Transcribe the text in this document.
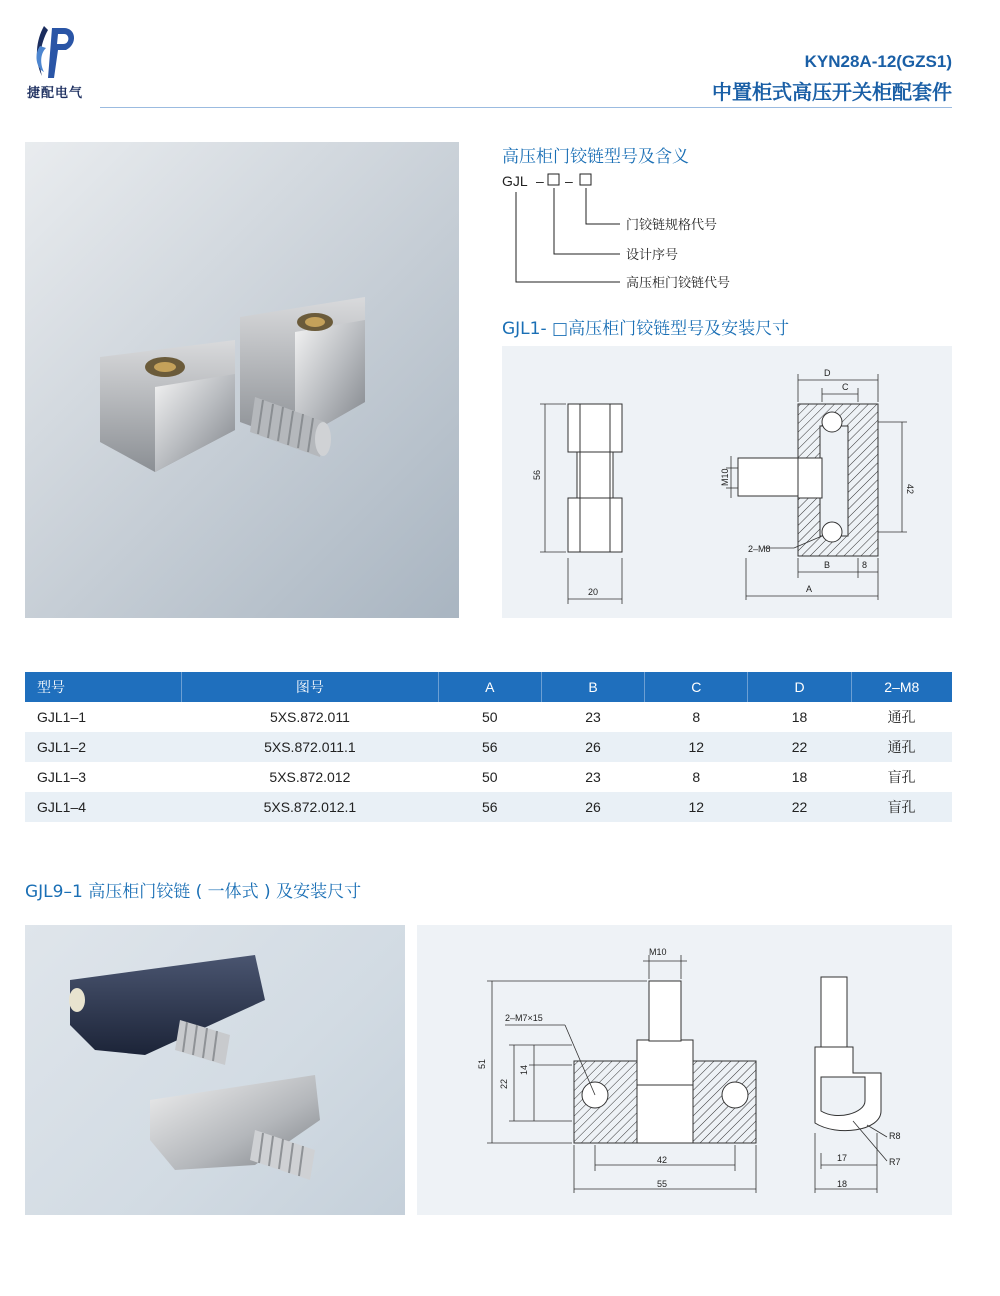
捷配电气
KYN28A-12(GZS1)
中置柜式高压开关柜配套件
高压柜门铰链型号及含义
GJL – –
门铰链规格代号
设计序号
高压柜门铰链代号
GJL1- □高压柜门铰链型号及安装尺寸
56
20
D
C
42
M10
2–M8
B	8
A
型号	图号	A	B	C	D	2–M8
GJL1–1	5XS.872.011	50	23	8	18	通孔
GJL1–2	5XS.872.011.1	56	26	12	22	通孔
GJL1–3	5XS.872.012	50	23	8	18	盲孔
GJL1–4	5XS.872.012.1	56	26	12	22	盲孔
GJL9–1 高压柜门铰链 ( 一体式 ) 及安装尺寸
M10
2–M7×15
51
22
14
42
55
R8
R7
17
18
